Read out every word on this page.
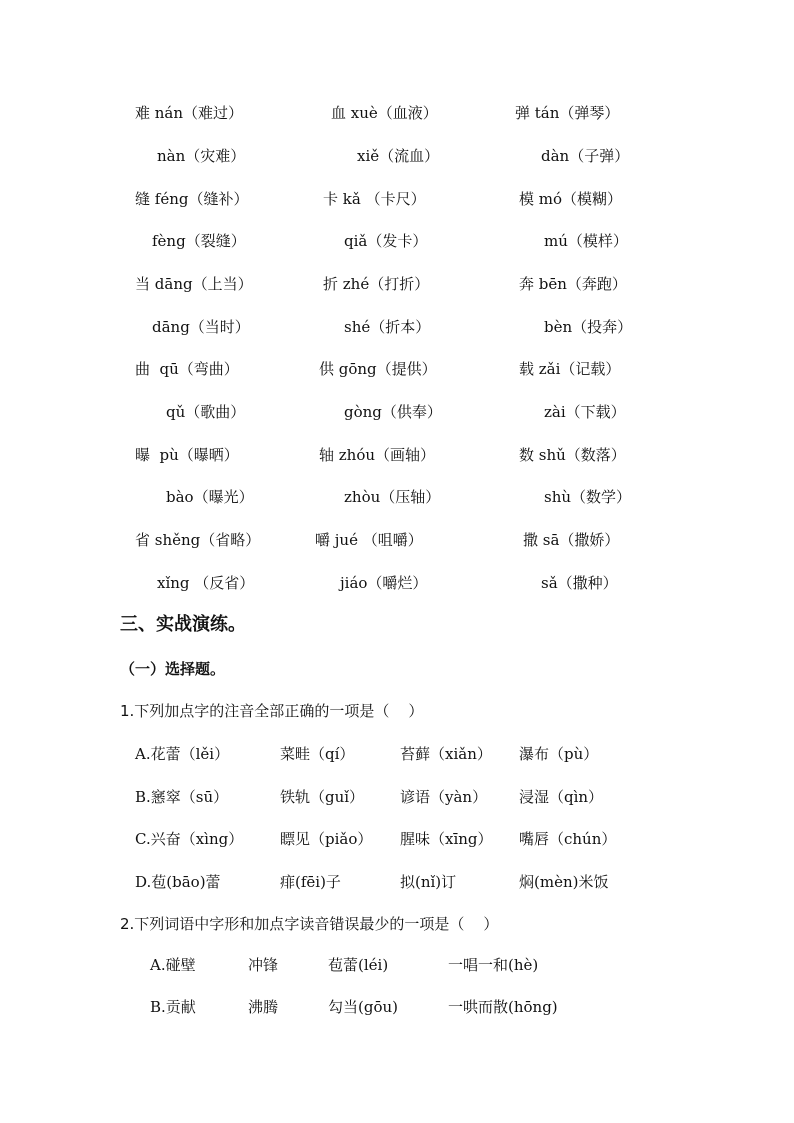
难 nán（难过）	血 xuè（血液）	弹 tán（弹琴）
nàn（灾难）	xiě（流血）	dàn（子弹）
缝 féng（缝补）	卡 kǎ （卡尺）	模 mó（模糊）
fèng（裂缝）	qiǎ（发卡）	mú（模样）
当 dāng（上当）	折 zhé（打折）	奔 bēn（奔跑）
dāng（当时）	shé（折本）	bèn（投奔）
曲  qū（弯曲）	供 gōng（提供）	载 zǎi（记载）
qǔ（歌曲）	gòng（供奉）	zài（下载）
曝  pù（曝晒）	轴 zhóu（画轴）	数 shǔ（数落）
bào（曝光）	zhòu（压轴）	shù（数学）
省 shěng（省略）	嚼 jué （咀嚼）	撒 sā（撒娇）
xǐng （反省）	jiáo（嚼烂）	sǎ（撒种）
三、实战演练。
（一）选择题。
1.下列加点字的注音全部正确的一项是（    ）
A.花蕾（lěi）	菜畦（qí）	苔藓（xiǎn） 瀑布（pù）
B.窸窣（sū）	铁轨（guǐ） 谚语（yàn） 浸湿（qìn）
C.兴奋（xìng） 瞟见（piǎo） 腥味（xīng） 嘴唇（chún）
D.苞(bāo)蕾	痱(fēi)子	拟(nǐ)订	焖(mèn)米饭
2.下列词语中字形和加点字读音错误最少的一项是（    ）
A.碰壁	冲锋	苞蕾(léi)	一唱一和(hè)
B.贡献	沸腾	勾当(gōu)	一哄而散(hōng)
